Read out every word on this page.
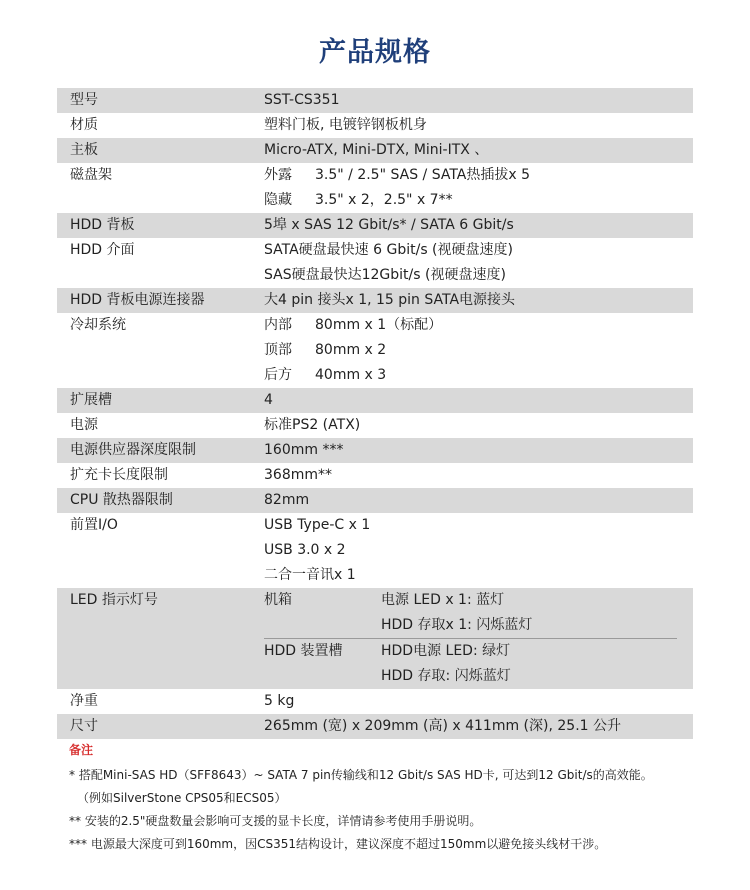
产品规格
型号	SST-CS351
材质	塑料门板, 电镀锌钢板机身
主板	Micro-ATX, Mini-DTX, Mini-ITX 、
磁盘架	外露 3.5" / 2.5" SAS / SATA热插拔x 5
隐藏 3.5" x 2，2.5" x 7**
HDD 背板	5埠 x SAS 12 Gbit/s* / SATA 6 Gbit/s
HDD 介面	SATA硬盘最快速 6 Gbit/s (视硬盘速度)
SAS硬盘最快达12Gbit/s (视硬盘速度)
HDD 背板电源连接器	大4 pin 接头x 1, 15 pin SATA电源接头
冷却系统	内部 80mm x 1（标配）
顶部 80mm x 2
后方 40mm x 3
扩展槽	4
电源	标准PS2 (ATX)
电源供应器深度限制	160mm ***
扩充卡长度限制	368mm**
CPU 散热器限制	82mm
前置I/O	USB Type-C x 1
USB 3.0 x 2
二合一音讯x 1
LED 指示灯号	机箱	电源 LED x 1: 蓝灯
HDD 存取x 1: 闪烁蓝灯
HDD 装置槽	HDD电源 LED: 绿灯
HDD 存取: 闪烁蓝灯
净重	5 kg
尺寸	265mm (宽) x 209mm (高) x 411mm (深), 25.1 公升
备注
* 搭配Mini-SAS HD（SFF8643）~ SATA 7 pin传输线和12 Gbit/s SAS HD卡, 可达到12 Gbit/s的高效能。
（例如SilverStone CPS05和ECS05）
** 安装的2.5"硬盘数量会影响可支援的显卡长度，详情请参考使用手册说明。
*** 电源最大深度可到160mm，因CS351结构设计，建议深度不超过150mm以避免接头线材干涉。
